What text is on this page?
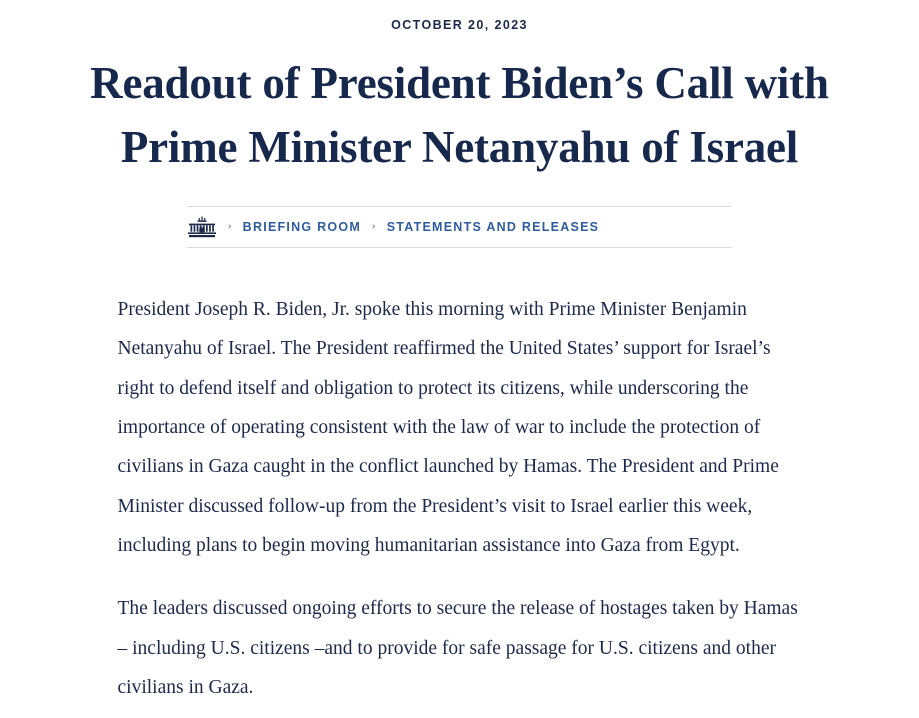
OCTOBER 20, 2023
Readout of President Biden’s Call with
Prime Minister Netanyahu of Israel
› BRIEFING ROOM › STATEMENTS AND RELEASES

President Joseph R. Biden, Jr. spoke this morning with Prime Minister Benjamin Netanyahu of Israel. The President reaffirmed the United States’ support for Israel’s right to defend itself and obligation to protect its citizens, while underscoring the importance of operating consistent with the law of war to include the protection of civilians in Gaza caught in the conflict launched by Hamas. The President and Prime Minister discussed follow-up from the President’s visit to Israel earlier this week, including plans to begin moving humanitarian assistance into Gaza from Egypt.

The leaders discussed ongoing efforts to secure the release of hostages taken by Hamas – including U.S. citizens –and to provide for safe passage for U.S. citizens and other civilians in Gaza.
